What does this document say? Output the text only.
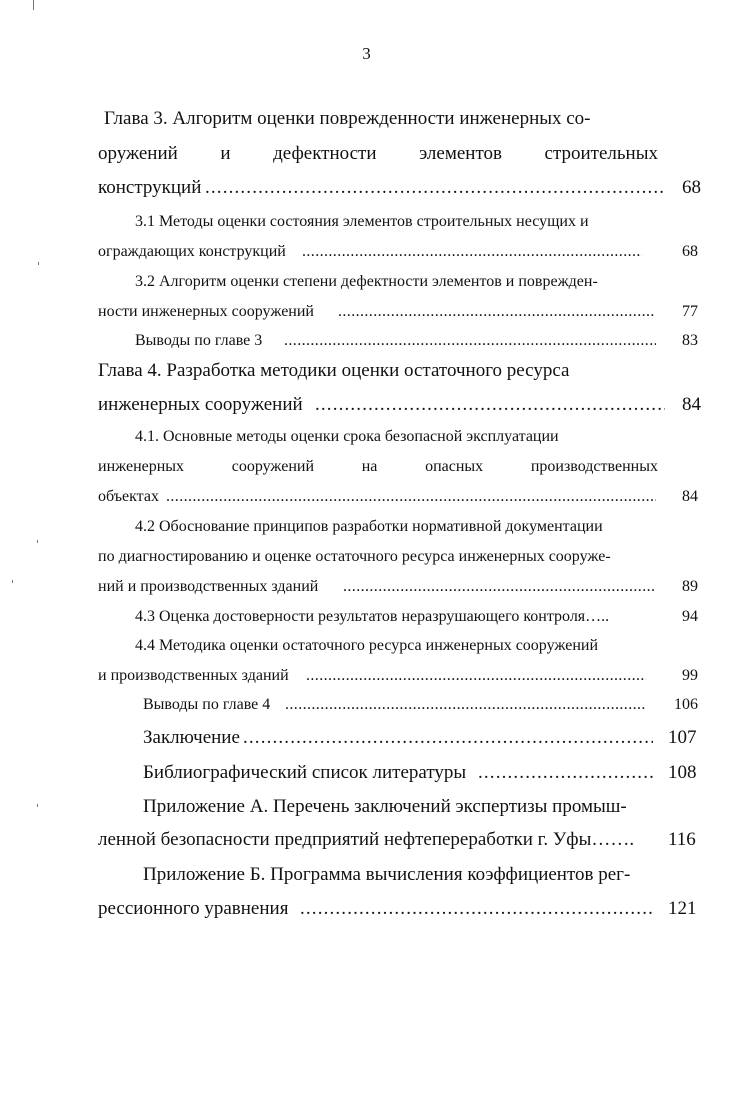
3
Глава 3. Алгоритм оценки поврежденности инженерных со-
оружений и дефектности элементов строительных
конструкций . . .	68
3.1 Методы оценки состояния элементов строительных несущих и
ограждающих конструкций . . .	68
3.2 Алгоритм оценки степени дефектности элементов и поврежден-
ности инженерных сооружений . . .	77
Выводы по главе 3 . . .	83
Глава 4. Разработка методики оценки остаточного ресурса
инженерных сооружений . . .	84
4.1. Основные методы оценки срока безопасной эксплуатации
инженерных	сооружений	на	опасных	производственных
объектах . . .	84
4.2 Обоснование принципов разработки нормативной документации
по диагностированию и оценке остаточного ресурса инженерных сооруже-
ний и производственных зданий . . .	89
4.3 Оценка достоверности результатов неразрушающего контроля…..	94
4.4 Методика оценки остаточного ресурса инженерных сооружений
и производственных зданий . . .	99
Выводы по главе 4 . . .	106
Заключение . . .	107
Библиографический список литературы . . .	108
Приложение А. Перечень заключений экспертизы промыш-
ленной безопасности предприятий нефтепереработки г. Уфы……. 116
Приложение Б. Программа вычисления коэффициентов рег-
рессионного уравнения . . .	121
